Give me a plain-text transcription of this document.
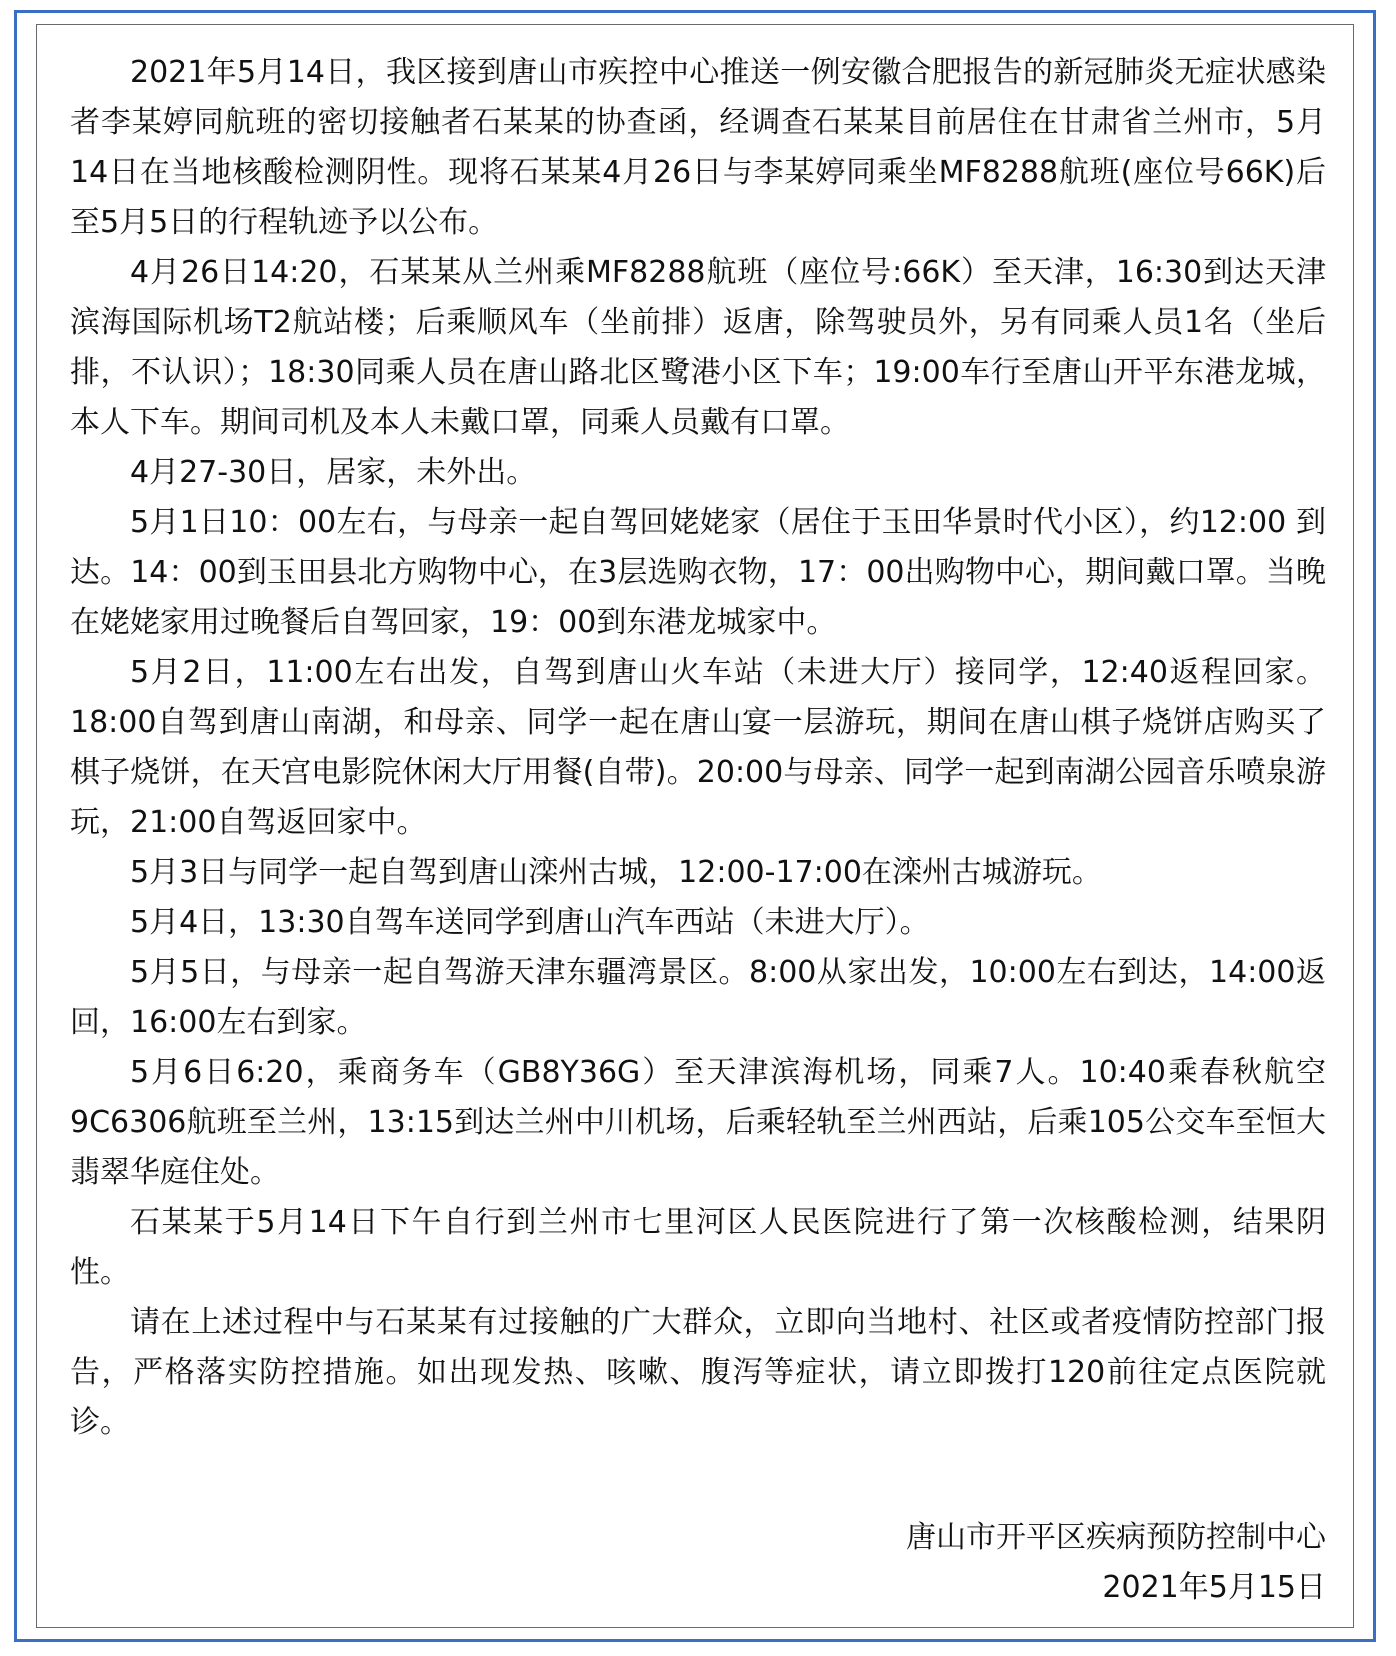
2021年5月14日，我区接到唐山市疾控中心推送一例安徽合肥报告的新冠肺炎无症状感染者李某婷同航班的密切接触者石某某的协查函，经调查石某某目前居住在甘肃省兰州市，5月14日在当地核酸检测阴性。现将石某某4月26日与李某婷同乘坐MF8288航班(座位号66K)后至5月5日的行程轨迹予以公布。

4月26日14:20，石某某从兰州乘MF8288航班（座位号:66K）至天津，16:30到达天津滨海国际机场T2航站楼；后乘顺风车（坐前排）返唐，除驾驶员外，另有同乘人员1名（坐后排，不认识）；18:30同乘人员在唐山路北区鹭港小区下车；19:00车行至唐山开平东港龙城，本人下车。期间司机及本人未戴口罩，同乘人员戴有口罩。

4月27-30日，居家，未外出。

5月1日10：00左右，与母亲一起自驾回姥姥家（居住于玉田华景时代小区），约12:00 到达。14：00到玉田县北方购物中心，在3层选购衣物，17：00出购物中心，期间戴口罩。当晚在姥姥家用过晚餐后自驾回家，19：00到东港龙城家中。

5月2日，11:00左右出发，自驾到唐山火车站（未进大厅）接同学，12:40返程回家。18:00自驾到唐山南湖，和母亲、同学一起在唐山宴一层游玩，期间在唐山棋子烧饼店购买了棋子烧饼，在天宫电影院休闲大厅用餐(自带)。20:00与母亲、同学一起到南湖公园音乐喷泉游玩，21:00自驾返回家中。

5月3日与同学一起自驾到唐山滦州古城，12:00-17:00在滦州古城游玩。

5月4日，13:30自驾车送同学到唐山汽车西站（未进大厅）。

5月5日，与母亲一起自驾游天津东疆湾景区。8:00从家出发，10:00左右到达，14:00返回，16:00左右到家。

5月6日6:20，乘商务车（GB8Y36G）至天津滨海机场，同乘7人。10:40乘春秋航空9C6306航班至兰州，13:15到达兰州中川机场，后乘轻轨至兰州西站，后乘105公交车至恒大翡翠华庭住处。

石某某于5月14日下午自行到兰州市七里河区人民医院进行了第一次核酸检测，结果阴性。

请在上述过程中与石某某有过接触的广大群众，立即向当地村、社区或者疫情防控部门报告，严格落实防控措施。如出现发热、咳嗽、腹泻等症状，请立即拨打120前往定点医院就诊。

唐山市开平区疾病预防控制中心
2021年5月15日
